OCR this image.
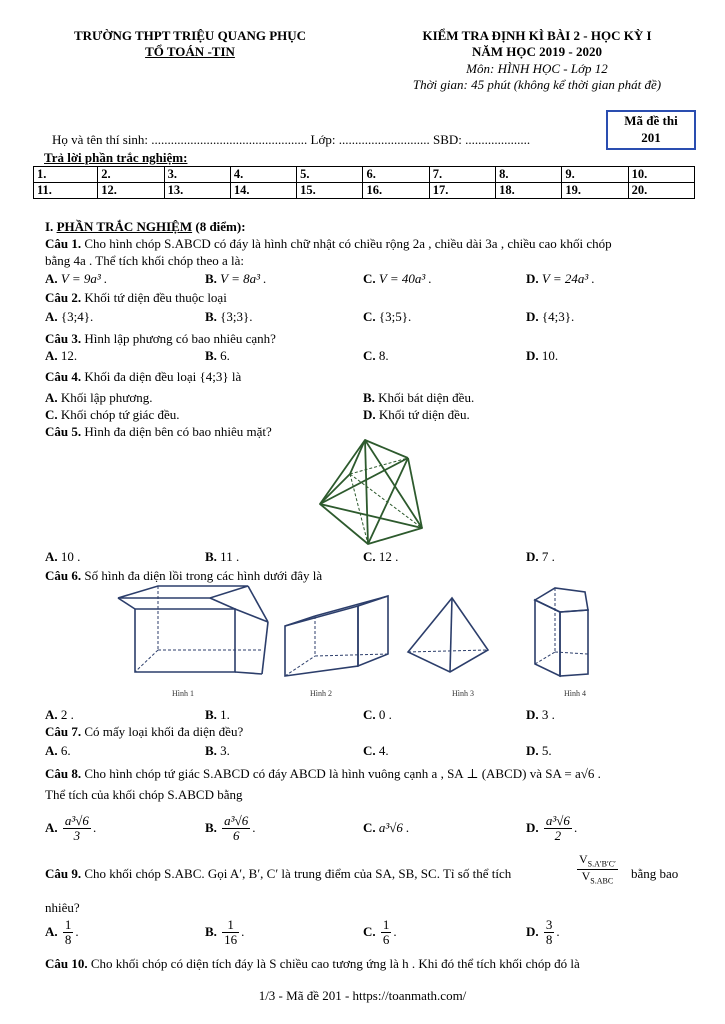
TRƯỜNG THPT TRIỆU QUANG PHỤC
TỔ TOÁN -TIN
KIỂM TRA ĐỊNH KÌ BÀI 2 - HỌC KỲ I
NĂM HỌC 2019 - 2020
Môn: HÌNH HỌC - Lớp 12
Thời gian: 45 phút (không kể thời gian phát đề)
Mã đề thi
201
Họ và tên thí sinh: ................................................ Lớp: ............................ SBD: ....................
Trả lời phần trắc nghiệm:
1.	2.	3.	4.	5.	6.	7.	8.	9.	10.
11.	12.	13.	14.	15.	16.	17.	18.	19.	20.
I. PHẦN TRẮC NGHIỆM (8 điểm):
Câu 1. Cho hình chóp S.ABCD có đáy là hình chữ nhật có chiều rộng 2a , chiều dài 3a , chiều cao khối chóp
bằng 4a . Thể tích khối chóp theo a là:
A. V = 9a³ .	B. V = 8a³ .	C. V = 40a³ .	D. V = 24a³ .
Câu 2. Khối tứ diện đều thuộc loại
A. {3;4}.	B. {3;3}.	C. {3;5}.	D. {4;3}.
Câu 3. Hình lập phương có bao nhiêu cạnh?
A. 12.	B. 6.	C. 8.	D. 10.
Câu 4. Khối đa diện đều loại {4;3} là
A. Khối lập phương.	B. Khối bát diện đều.
C. Khối chóp tứ giác đều.	D. Khối tứ diện đều.
Câu 5. Hình đa diện bên có bao nhiêu mặt?
A. 10 .	B. 11 .	C. 12 .	D. 7 .
Câu 6. Số hình đa diện lồi trong các hình dưới đây là
Hình 1	Hình 2	Hình 3	Hình 4
A. 2 .	B. 1.	C. 0 .	D. 3 .
Câu 7. Có mấy loại khối đa diện đều?
A. 6.	B. 3.	C. 4.	D. 5.
Câu 8. Cho hình chóp tứ giác S.ABCD có đáy ABCD là hình vuông cạnh a , SA ⊥ (ABCD) và SA = a√6 .
Thể tích của khối chóp S.ABCD bằng
A. $\frac{\text{a³√6}}{3}$ .	B. $\frac{\text{a³√6}}{6}$ .	C. a³√6 .	D. $\frac{\text{a³√6}}{2}$ .
Câu 9. Cho khối chóp S.ABC. Gọi A′, B′, C′ là trung điểm của SA, SB, SC. Tỉ số thể tích
$V_{S.A'B'C'}$
$V_{S.ABC}$
bằng bao
nhiêu?
A. $\frac{1}{8}$ .	B. $\frac{1}{16}$ .	C. $\frac{1}{6}$ .	D. $\frac{3}{8}$ .
Câu 10. Cho khối chóp có diện tích đáy là S chiều cao tương ứng là h . Khi đó thể tích khối chóp đó là
1/3 - Mã đề 201 - https://toanmath.com/
